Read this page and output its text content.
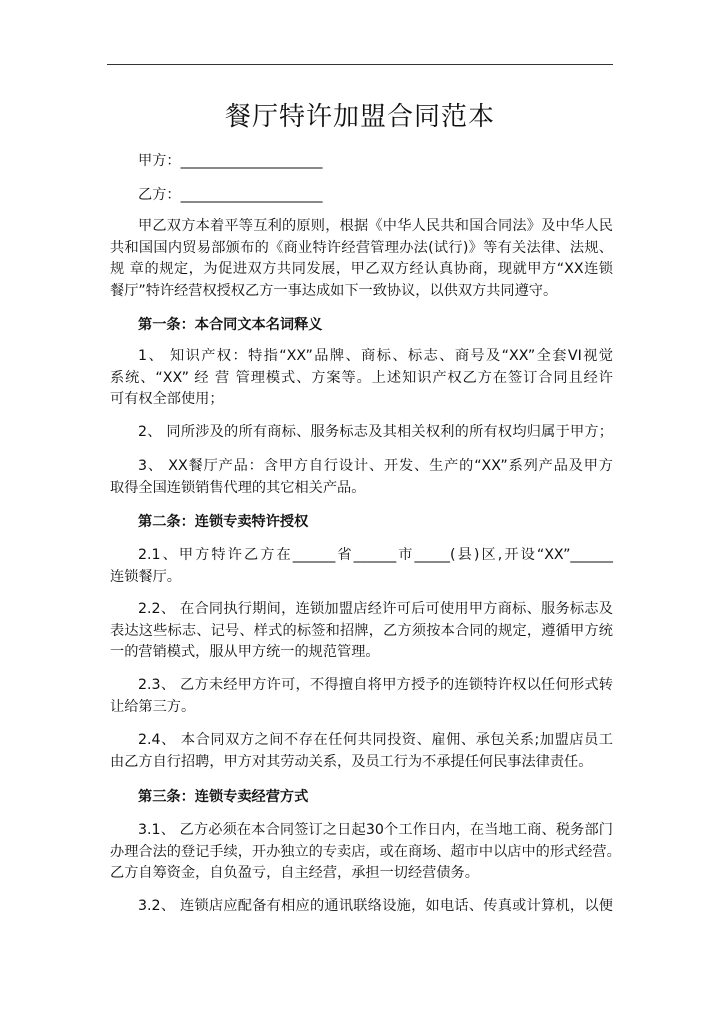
餐厅特许加盟合同范本
甲方：____________________
乙方：____________________
甲乙双方本着平等互利的原则，根据《中华人民共和国合同法》及中华人民
共和国国内贸易部颁布的《商业特许经营管理办法(试行)》等有关法律、法规、
规 章的规定，为促进双方共同发展，甲乙双方经认真协商，现就甲方“XX连锁
餐厅”特许经营权授权乙方一事达成如下一致协议，以供双方共同遵守。
第一条：本合同文本名词释义
1、 知识产权：特指“XX”品牌、商标、标志、商号及“XX”全套VI视觉
系统、“XX” 经 营 管理模式、方案等。上述知识产权乙方在签订合同且经许
可有权全部使用；
2、 同所涉及的所有商标、服务标志及其相关权利的所有权均归属于甲方；
3、 XX餐厅产品：含甲方自行设计、开发、生产的“XX”系列产品及甲方
取得全国连锁销售代理的其它相关产品。
第二条：连锁专卖特许授权
2.1、甲方特许乙方在______省______市_____(县)区,开设“XX”______
连锁餐厅。
2.2、 在合同执行期间，连锁加盟店经许可后可使用甲方商标、服务标志及
表达这些标志、记号、样式的标签和招牌，乙方须按本合同的规定，遵循甲方统
一的营销模式，服从甲方统一的规范管理。
2.3、 乙方未经甲方许可，不得擅自将甲方授予的连锁特许权以任何形式转
让给第三方。
2.4、 本合同双方之间不存在任何共同投资、雇佣、承包关系;加盟店员工
由乙方自行招聘，甲方对其劳动关系，及员工行为不承提任何民事法律责任。
第三条：连锁专卖经营方式
3.1、 乙方必须在本合同签订之日起30个工作日内，在当地工商、税务部门
办理合法的登记手续，开办独立的专卖店，或在商场、超市中以店中的形式经营。
乙方自筹资金，自负盈亏，自主经营，承担一切经营债务。
3.2、 连锁店应配备有相应的通讯联络设施，如电话、传真或计算机，以便
